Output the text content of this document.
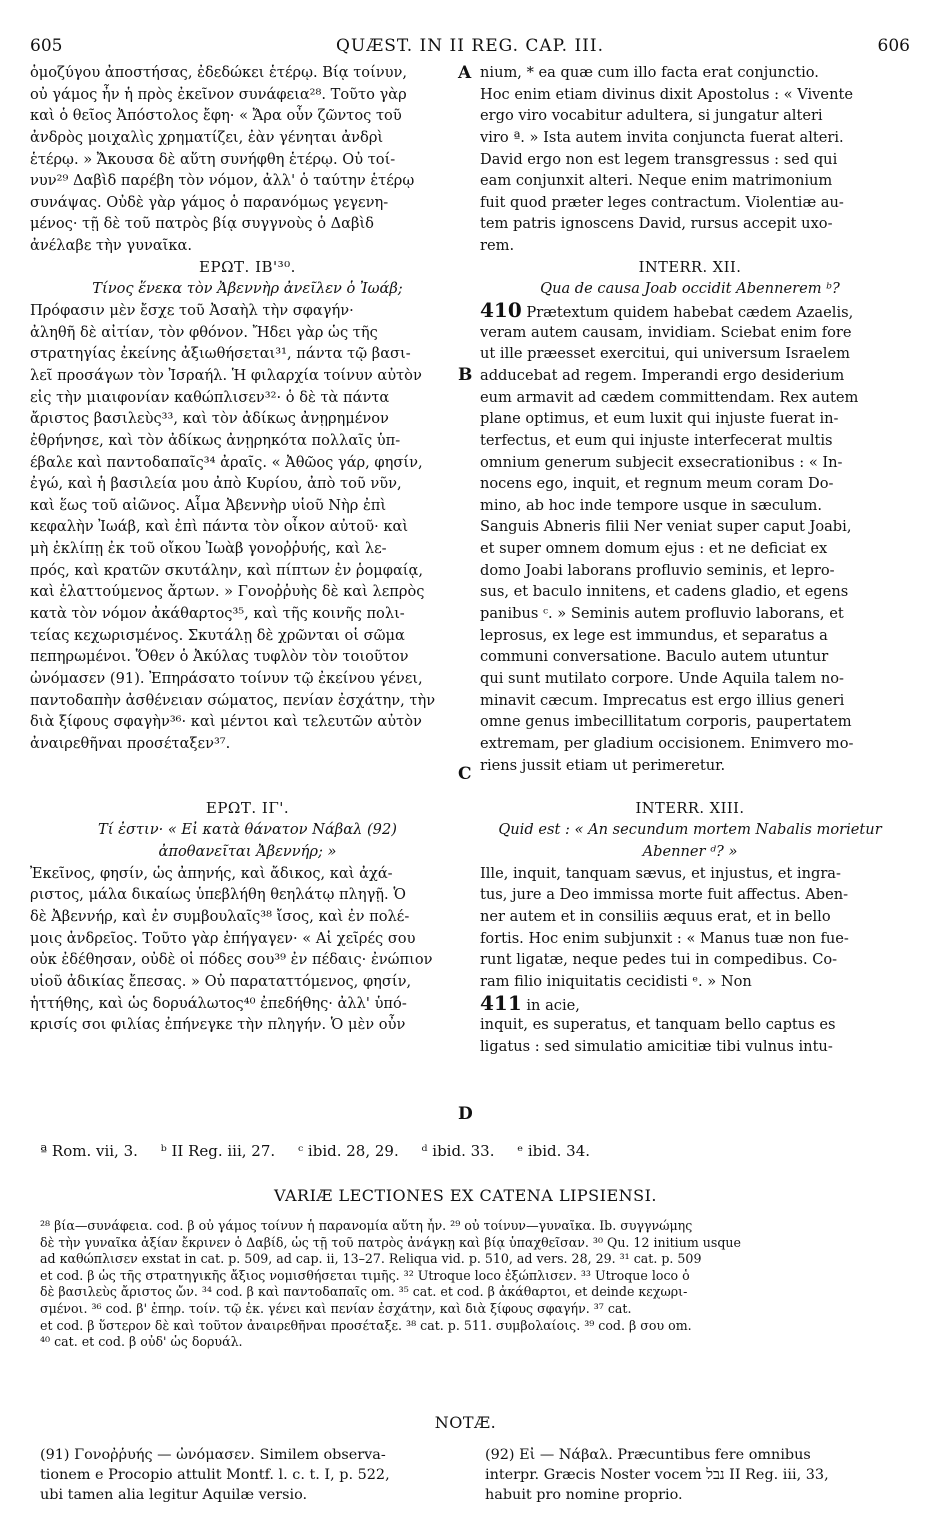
605	QUÆST. IN II REG. CAP. III.	606
ὁμοζύγου ἀποστήσας, ἐδεδώκει ἑτέρῳ. Βίᾳ τοίνυν,
οὐ γάμος ἦν ἡ πρὸς ἐκεῖνον συνάφεια²⁸. Τοῦτο γὰρ
καὶ ὁ θεῖος Ἀπόστολος ἔφη· « Ἄρα οὖν ζῶντος τοῦ
ἀνδρὸς μοιχαλὶς χρηματίζει, ἐὰν γένηται ἀνδρὶ
ἑτέρῳ. » Ἄκουσα δὲ αὕτη συνήφθη ἑτέρῳ. Οὐ τοί-
νυν²⁹ Δαβὶδ παρέβη τὸν νόμον, ἀλλ' ὁ ταύτην ἑτέρῳ
συνάψας. Οὐδὲ γὰρ γάμος ὁ παρανόμως γεγενη-
μένος· τῇ δὲ τοῦ πατρὸς βίᾳ συγγνοὺς ὁ Δαβὶδ
ἀνέλαβε τὴν γυναῖκα.
ΕΡΩΤ. ΙΒ'³⁰.
Τίνος ἕνεκα τὸν Ἀβεννὴρ ἀνεῖλεν ὁ Ἰωάβ;
Πρόφασιν μὲν ἔσχε τοῦ Ἀσαὴλ τὴν σφαγήν·
ἀληθῆ δὲ αἰτίαν, τὸν φθόνον. Ἤδει γὰρ ὡς τῆς
στρατηγίας ἐκείνης ἀξιωθήσεται³¹, πάντα τῷ βασι-
λεῖ προσάγων τὸν Ἰσραήλ. Ἡ φιλαρχία τοίνυν αὐτὸν
εἰς τὴν μιαιφονίαν καθώπλισεν³²· ὁ δὲ τὰ πάντα
ἄριστος βασιλεὺς³³, καὶ τὸν ἀδίκως ἀνῃρημένον
ἐθρήνησε, καὶ τὸν ἀδίκως ἀνῃρηκότα πολλαῖς ὑπ-
έβαλε καὶ παντοδαπαῖς³⁴ ἀραῖς. « Ἀθῶος γάρ, φησίν,
ἐγώ, καὶ ἡ βασιλεία μου ἀπὸ Κυρίου, ἀπὸ τοῦ νῦν,
καὶ ἕως τοῦ αἰῶνος. Αἷμα Ἀβεννὴρ υἱοῦ Νὴρ ἐπὶ
κεφαλὴν Ἰωάβ, καὶ ἐπὶ πάντα τὸν οἶκον αὐτοῦ· καὶ
μὴ ἐκλίπῃ ἐκ τοῦ οἴκου Ἰωὰβ γονοῤῥυής, καὶ λε-
πρός, καὶ κρατῶν σκυτάλην, καὶ πίπτων ἐν ῥομφαίᾳ,
καὶ ἐλαττούμενος ἄρτων. » Γονοῤῥυὴς δὲ καὶ λεπρὸς
κατὰ τὸν νόμον ἀκάθαρτος³⁵, καὶ τῆς κοινῆς πολι-
τείας κεχωρισμένος. Σκυτάλῃ δὲ χρῶνται οἱ σῶμα
πεπηρωμένοι. Ὅθεν ὁ Ἀκύλας τυφλὸν τὸν τοιοῦτον
ὠνόμασεν (91). Ἐπηράσατο τοίνυν τῷ ἐκείνου γένει,
παντοδαπὴν ἀσθένειαν σώματος, πενίαν ἐσχάτην, τὴν
διὰ ξίφους σφαγὴν³⁶· καὶ μέντοι καὶ τελευτῶν αὐτὸν
ἀναιρεθῆναι προσέταξεν³⁷.
ΕΡΩΤ. ΙΓ'.
Τί ἐστιν· « Εἰ κατὰ θάνατον Νάβαλ (92)
ἀποθανεῖται Ἀβεννήρ; »
Ἐκεῖνος, φησίν, ὡς ἀπηνής, καὶ ἄδικος, καὶ ἀχά-
ριστος, μάλα δικαίως ὑπεβλήθη θεηλάτῳ πληγῇ. Ὁ
δὲ Ἀβεννήρ, καὶ ἐν συμβουλαῖς³⁸ ἴσος, καὶ ἐν πολέ-
μοις ἀνδρεῖος. Τοῦτο γὰρ ἐπήγαγεν· « Αἱ χεῖρές σου
οὐκ ἐδέθησαν, οὐδὲ οἱ πόδες σου³⁹ ἐν πέδαις· ἐνώπιον
υἱοῦ ἀδικίας ἔπεσας. » Οὐ παραταττόμενος, φησίν,
ἡττήθης, καὶ ὡς δορυάλωτος⁴⁰ ἐπεδήθης· ἀλλ' ὑπό-
κρισίς σοι φιλίας ἐπήνεγκε τὴν πληγήν. Ὁ μὲν οὖν
nium, * ea quæ cum illo facta erat conjunctio.
Hoc enim etiam divinus dixit Apostolus : « Vivente
ergo viro vocabitur adultera, si jungatur alteri
viro ª. » Ista autem invita conjuncta fuerat alteri.
David ergo non est legem transgressus : sed qui
eam conjunxit alteri. Neque enim matrimonium
fuit quod præter leges contractum. Violentiæ au-
tem patris ignoscens David, rursus accepit uxo-
rem.
INTERR. XII.
Qua de causa Joab occidit Abennerem ᵇ?
410 Prætextum quidem habebat cædem Azaelis,
veram autem causam, invidiam. Sciebat enim fore
ut ille præesset exercitui, qui universum Israelem
adducebat ad regem. Imperandi ergo desiderium
eum armavit ad cædem committendam. Rex autem
plane optimus, et eum luxit qui injuste fuerat in-
terfectus, et eum qui injuste interfecerat multis
omnium generum subjecit exsecrationibus : « In-
nocens ego, inquit, et regnum meum coram Do-
mino, ab hoc inde tempore usque in sæculum.
Sanguis Abneris filii Ner veniat super caput Joabi,
et super omnem domum ejus : et ne deficiat ex
domo Joabi laborans profluvio seminis, et lepro-
sus, et baculo innitens, et cadens gladio, et egens
panibus ᶜ. » Seminis autem profluvio laborans, et
leprosus, ex lege est immundus, et separatus a
communi conversatione. Baculo autem utuntur
qui sunt mutilato corpore. Unde Aquila talem no-
minavit cæcum. Imprecatus est ergo illius generi
omne genus imbecillitatum corporis, paupertatem
extremam, per gladium occisionem. Enimvero mo-
riens jussit etiam ut perimeretur.
INTERR. XIII.
Quid est : « An secundum mortem Nabalis morietur
Abenner ᵈ? »
Ille, inquit, tanquam sævus, et injustus, et ingra-
tus, jure a Deo immissa morte fuit affectus. Aben-
ner autem et in consiliis æquus erat, et in bello
fortis. Hoc enim subjunxit : « Manus tuæ non fue-
runt ligatæ, neque pedes tui in compedibus. Co-
ram filio iniquitatis cecidisti ᵉ. » Non
411 in acie,
inquit, es superatus, et tanquam bello captus es
ligatus : sed simulatio amicitiæ tibi vulnus intu-
A
B
C
D
ª Rom. vii, 3. ᵇ II Reg. iii, 27. ᶜ ibid. 28, 29. ᵈ ibid. 33. ᵉ ibid. 34.
VARIÆ LECTIONES EX CATENA LIPSIENSI.
²⁸ βία—συνάφεια. cod. β οὐ γάμος τοίνυν ἡ παρανομία αὕτη ἦν. ²⁹ οὐ τοίνυν—γυναῖκα. Ib. συγγνώμης
δὲ τὴν γυναῖκα ἀξίαν ἔκρινεν ὁ Δαβίδ, ὡς τῇ τοῦ πατρὸς ἀνάγκῃ καὶ βίᾳ ὑπαχθεῖσαν. ³⁰ Qu. 12 initium usque
ad καθώπλισεν exstat in cat. p. 509, ad cap. ii, 13–27. Reliqua vid. p. 510, ad vers. 28, 29. ³¹ cat. p. 509
et cod. β ὡς τῆς στρατηγικῆς ἄξιος νομισθήσεται τιμῆς. ³² Utroque loco ἐξώπλισεν. ³³ Utroque loco ὁ
δὲ βασιλεὺς ἄριστος ὤν. ³⁴ cod. β καὶ παντοδαπαῖς om. ³⁵ cat. et cod. β ἀκάθαρτοι, et deinde κεχωρι-
σμένοι. ³⁶ cod. β' ἐπηρ. τοίν. τῷ ἐκ. γένει καὶ πενίαν ἐσχάτην, καὶ διὰ ξίφους σφαγήν. ³⁷ cat.
et cod. β ὕστερον δὲ καὶ τοῦτον ἀναιρεθῆναι προσέταξε. ³⁸ cat. p. 511. συμβολαίοις. ³⁹ cod. β σου om.
⁴⁰ cat. et cod. β οὐδ' ὡς δορυάλ.
NOTÆ.
(91) Γονοῤῥυής — ὠνόμασεν. Similem observa-
tionem e Procopio attulit Montf. l. c. t. I, p. 522,
ubi tamen alia legitur Aquilæ versio.
(92) Εἰ — Νάβαλ. Præcuntibus fere omnibus
interpr. Græcis Noster vocem נבל II Reg. iii, 33,
habuit pro nomine proprio.
